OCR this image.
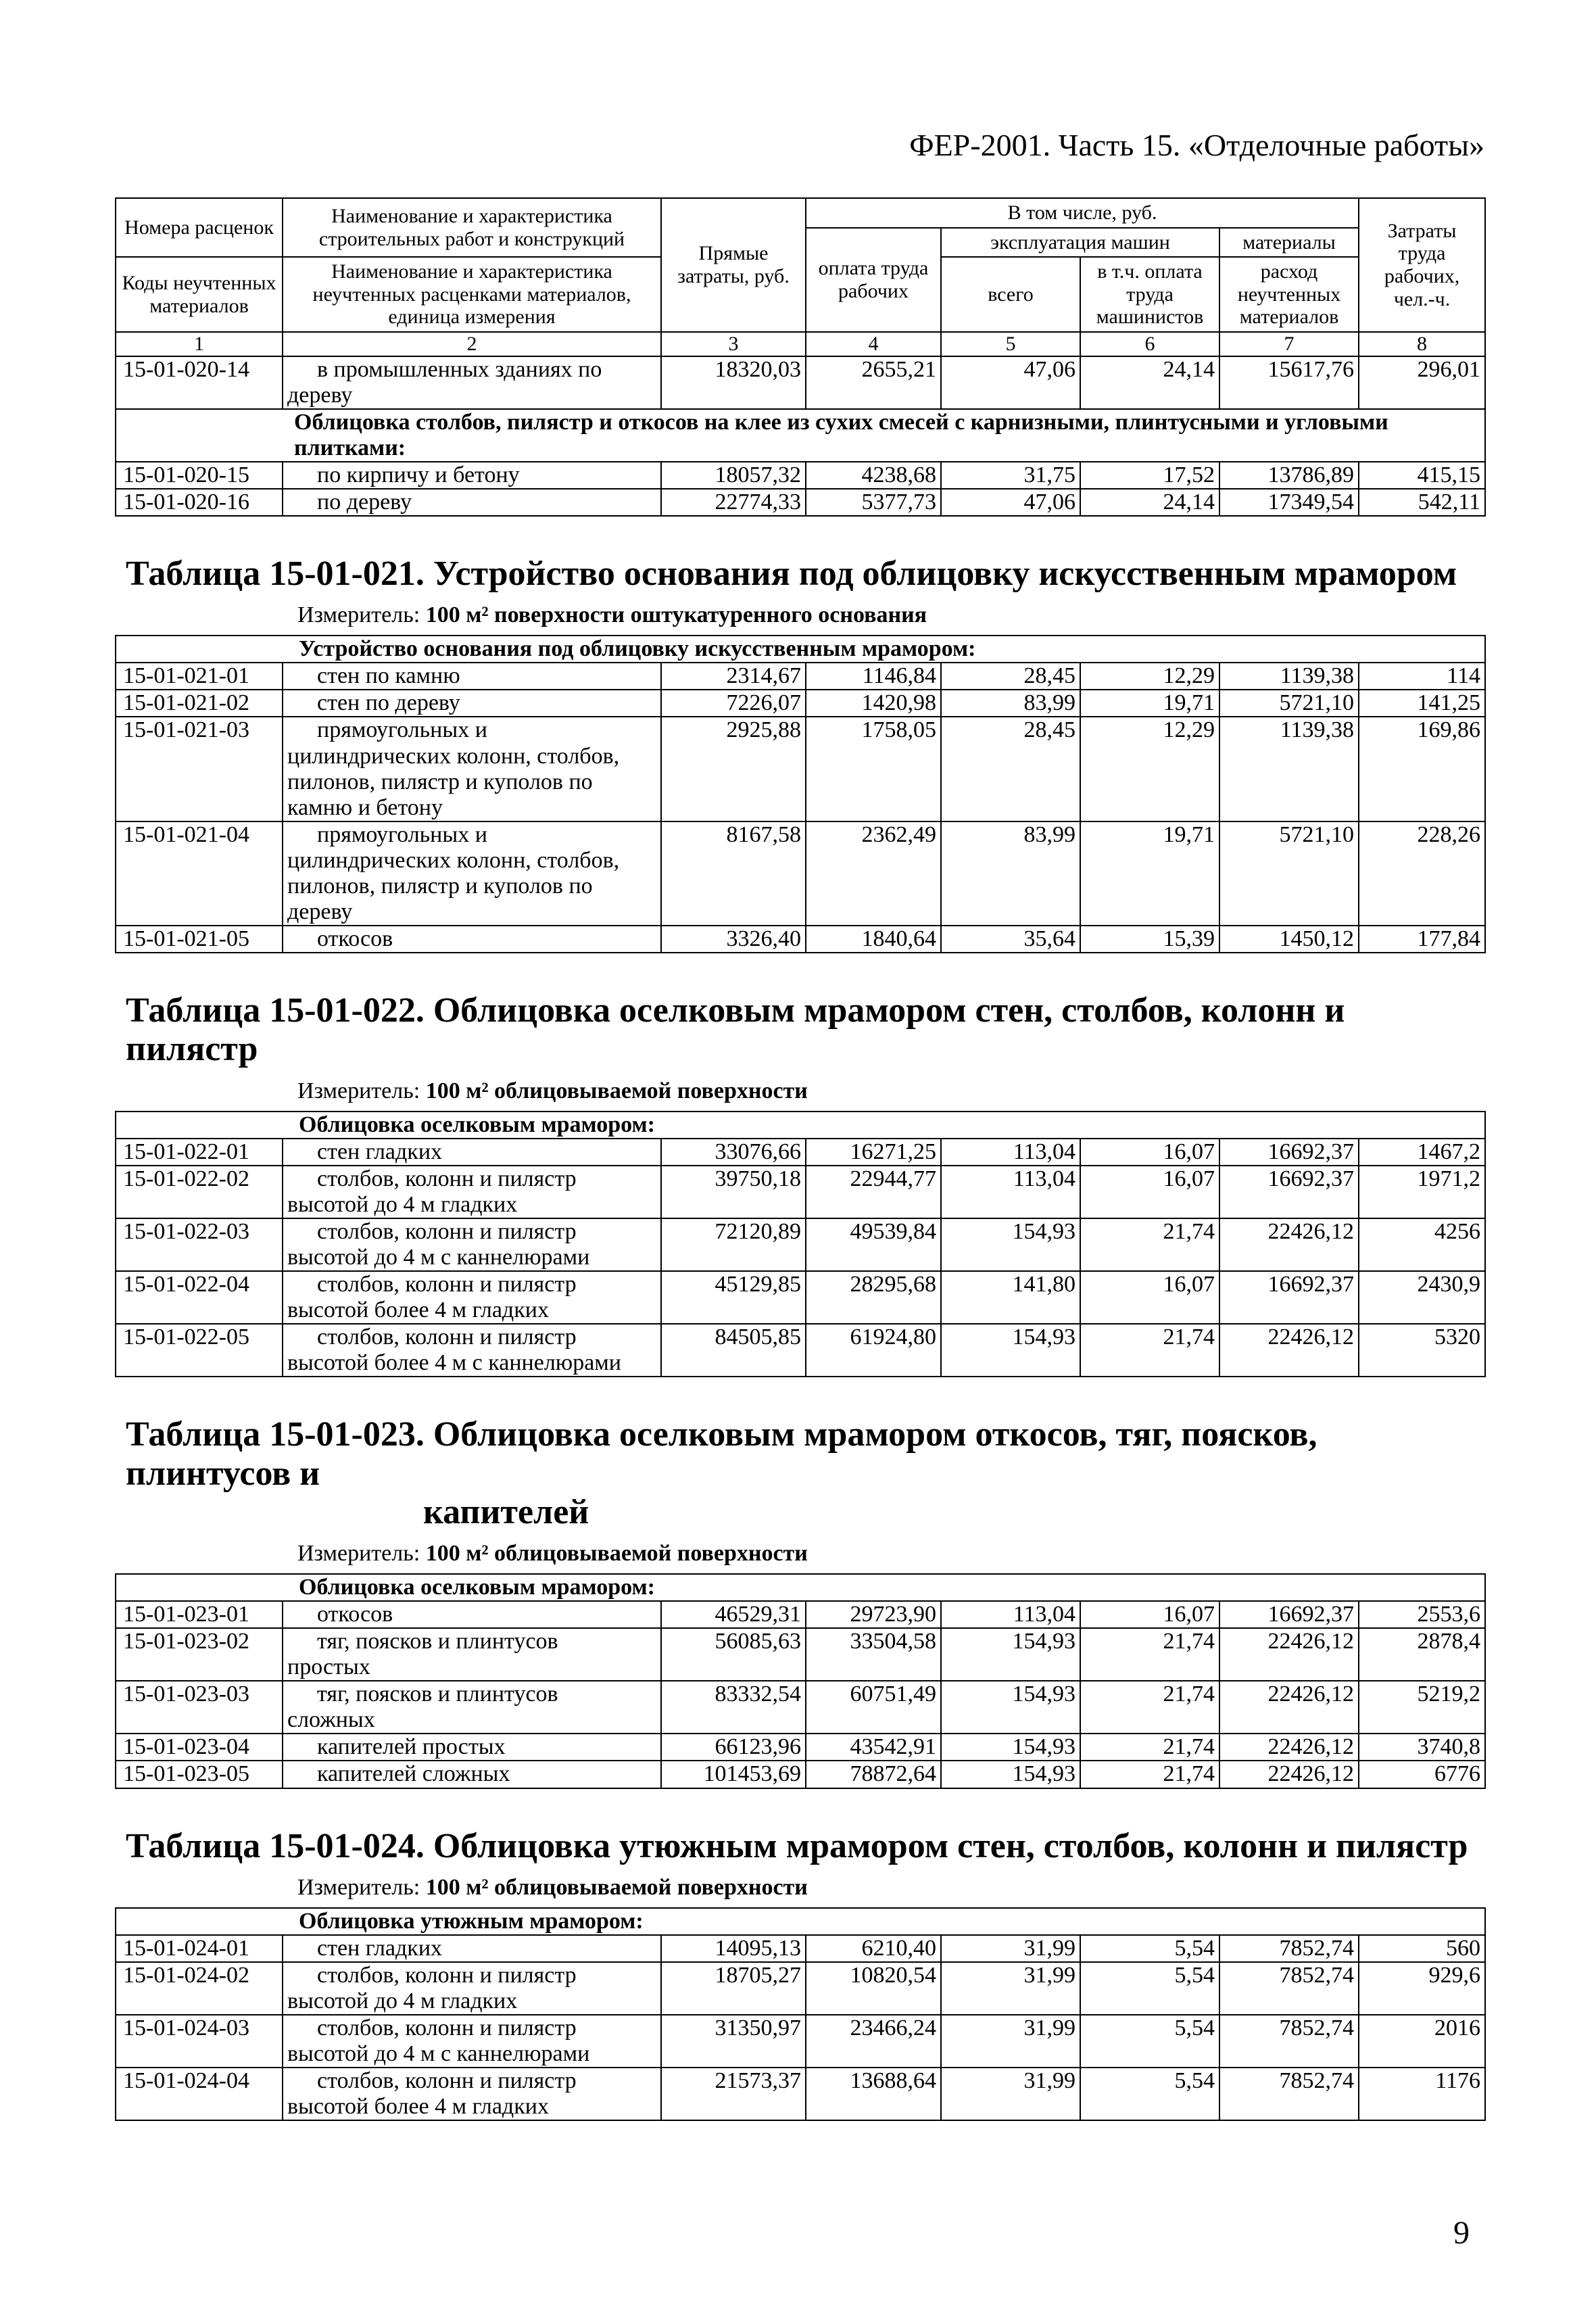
ФЕР-2001. Часть 15. «Отделочные работы»
Номера расценок	Наименование и характеристика строительных работ и конструкций	Прямые затраты, руб.	В том числе, руб.				Затраты труда рабочих, чел.-ч.
			оплата труда рабочих	эксплуатация машин		материалы	
Коды неучтенных материалов	Наименование и характеристика неучтенных расценками материалов, единица измерения			всего	в т.ч. оплата труда машинистов	расход неучтенных материалов	

1	2	3	4	5	6	7	8
15-01-020-14	в промышленных зданиях по
дереву	18320,03	2655,21	47,06	24,14	15617,76	296,01
Облицовка столбов, пилястр и откосов на клее из сухих смесей с карнизными, плинтусными и угловыми плитками:							
15-01-020-15	по кирпичу и бетону	18057,32	4238,68	31,75	17,52	13786,89	415,15
15-01-020-16	по дереву	22774,33	5377,73	47,06	24,14	17349,54	542,11
Таблица 15-01-021. Устройство основания под облицовку искусственным мрамором
Измеритель: 100 м² поверхности оштукатуренного основания
Устройство основания под облицовку искусственным мрамором:							
15-01-021-01	стен по камню	2314,67	1146,84	28,45	12,29	1139,38	114
15-01-021-02	стен по дереву	7226,07	1420,98	83,99	19,71	5721,10	141,25
15-01-021-03	прямоугольных и
цилиндрических колонн, столбов, пилонов, пилястр и куполов по камню и бетону	2925,88	1758,05	28,45	12,29	1139,38	169,86
15-01-021-04	прямоугольных и
цилиндрических колонн, столбов, пилонов, пилястр и куполов по дереву	8167,58	2362,49	83,99	19,71	5721,10	228,26
15-01-021-05	откосов	3326,40	1840,64	35,64	15,39	1450,12	177,84
Таблица 15-01-022. Облицовка оселковым мрамором стен, столбов, колонн и пилястр
Измеритель: 100 м² облицовываемой поверхности
Облицовка оселковым мрамором:							
15-01-022-01	стен гладких	33076,66	16271,25	113,04	16,07	16692,37	1467,2
15-01-022-02	столбов, колонн и пилястр
высотой до 4 м гладких	39750,18	22944,77	113,04	16,07	16692,37	1971,2
15-01-022-03	столбов, колонн и пилястр
высотой до 4 м с каннелюрами	72120,89	49539,84	154,93	21,74	22426,12	4256
15-01-022-04	столбов, колонн и пилястр
высотой более 4 м гладких	45129,85	28295,68	141,80	16,07	16692,37	2430,9
15-01-022-05	столбов, колонн и пилястр
высотой более 4 м с каннелюрами	84505,85	61924,80	154,93	21,74	22426,12	5320
Таблица 15-01-023. Облицовка оселковым мрамором откосов, тяг, поясков, плинтусов и
капителей
Измеритель: 100 м² облицовываемой поверхности
Облицовка оселковым мрамором:							
15-01-023-01	откосов	46529,31	29723,90	113,04	16,07	16692,37	2553,6
15-01-023-02	тяг, поясков и плинтусов
простых	56085,63	33504,58	154,93	21,74	22426,12	2878,4
15-01-023-03	тяг, поясков и плинтусов
сложных	83332,54	60751,49	154,93	21,74	22426,12	5219,2
15-01-023-04	капителей простых	66123,96	43542,91	154,93	21,74	22426,12	3740,8
15-01-023-05	капителей сложных	101453,69	78872,64	154,93	21,74	22426,12	6776
Таблица 15-01-024. Облицовка утюжным мрамором стен, столбов, колонн и пилястр
Измеритель: 100 м² облицовываемой поверхности
Облицовка утюжным мрамором:							
15-01-024-01	стен гладких	14095,13	6210,40	31,99	5,54	7852,74	560
15-01-024-02	столбов, колонн и пилястр
высотой до 4 м гладких	18705,27	10820,54	31,99	5,54	7852,74	929,6
15-01-024-03	столбов, колонн и пилястр
высотой до 4 м с каннелюрами	31350,97	23466,24	31,99	5,54	7852,74	2016
15-01-024-04	столбов, колонн и пилястр
высотой более 4 м гладких	21573,37	13688,64	31,99	5,54	7852,74	1176
9
